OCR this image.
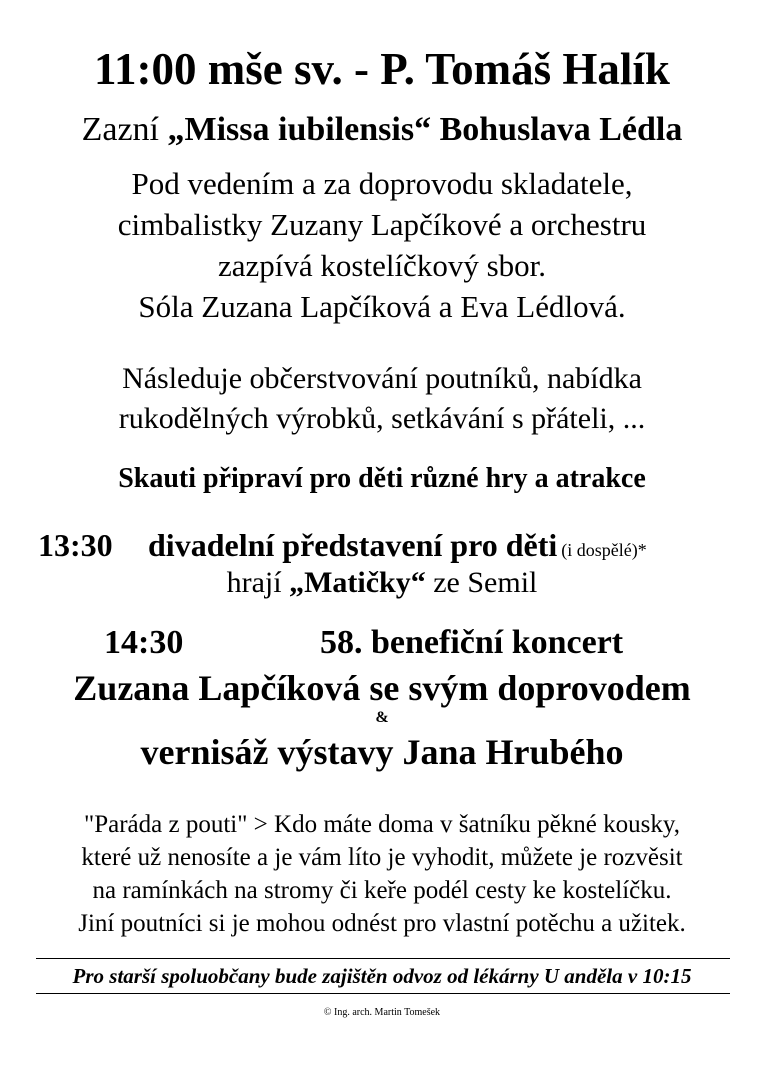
11:00 mše sv. - P. Tomáš Halík
Zazní „Missa iubilensis“ Bohuslava Lédla
Pod vedením a za doprovodu skladatele,
cimbalistky Zuzany Lapčíkové a orchestru
zazpívá kostelíčkový sbor.
Sóla Zuzana Lapčíková a Eva Lédlová.
Následuje občerstvování poutníků, nabídka
rukodělných výrobků, setkávání s přáteli, ...
Skauti připraví pro děti různé hry a atrakce
13:30 divadelní představení pro děti (i dospělé)*
hrají „Matičky“ ze Semil
14:30	58. benefiční koncert
Zuzana Lapčíková se svým doprovodem
&
vernisáž výstavy Jana Hrubého
"Paráda z pouti" > Kdo máte doma v šatníku pěkné kousky,
které už nenosíte a je vám líto je vyhodit, můžete je rozvěsit
na ramínkách na stromy či keře podél cesty ke kostelíčku.
Jiní poutníci si je mohou odnést pro vlastní potěchu a užitek.
Pro starší spoluobčany bude zajištěn odvoz od lékárny U anděla v 10:15
© Ing. arch. Martin Tomešek
